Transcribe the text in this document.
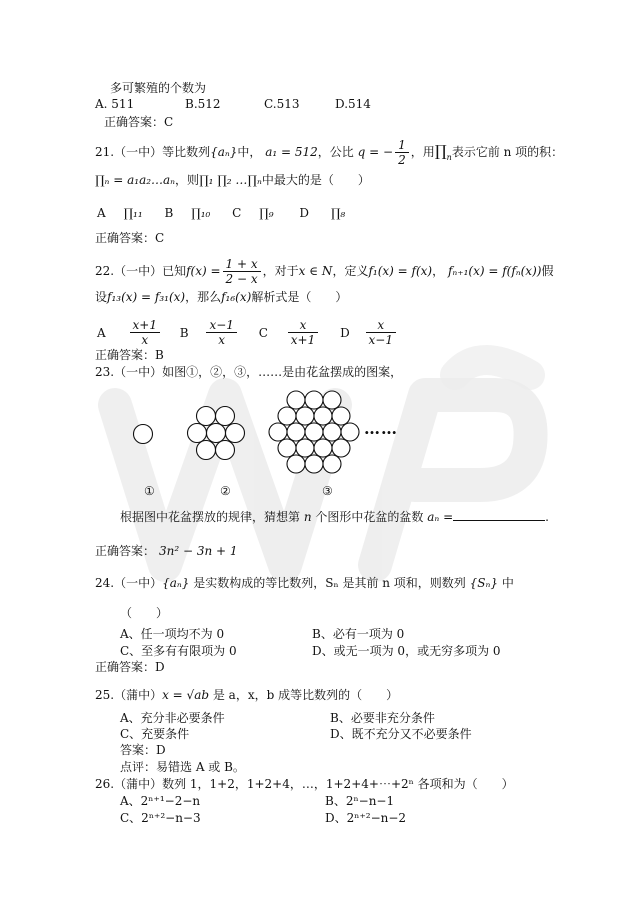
多可繁殖的个数为
A. 511	B.512	C.513	D.514
正确答案：C
21.（一中）等比数列{aₙ}中， a₁ = 512，公比 q = − $\frac{1}{2}$ ，用$\prod_n$表示它前 n 项的积：
∏ₙ = a₁a₂…aₙ，则∏₁ ∏₂ …∏ₙ中最大的是（　　）
A ∏₁₁ B ∏₁₀ C ∏₉ D ∏₈
正确答案：C
22.（一中）已知$f(x) = \frac{1 + x}{2 - x}$ ，对于x ∈ N，定义f₁(x) = f(x)， fₙ₊₁(x) = f(fₙ(x))假
设f₁₃(x) = f₃₁(x)，那么f₁₆(x)解析式是（　　）
A $\frac{x+1}{x}$ B $\frac{x-1}{x}$ C $\frac{x}{x+1}$ D $\frac{x}{x-1}$
正确答案：B
23.（一中）如图①，②，③，……是由花盆摆成的图案，
……
①	②	③
根据图中花盆摆放的规律，猜想第 n 个图形中花盆的盆数 aₙ =	.
正确答案： 3n² − 3n + 1
24.（一中）{aₙ} 是实数构成的等比数列，Sₙ 是其前 n 项和，则数列 {Sₙ} 中
（　　）
A、任一项均不为 0	B、必有一项为 0
C、至多有有限项为 0	D、或无一项为 0，或无穷多项为 0
正确答案：D
25.（蒲中）x = √ab 是 a，x，b 成等比数列的（　　）
A、充分非必要条件	B、必要非充分条件
C、充要条件	D、既不充分又不必要条件
答案：D
点评：易错选 A 或 B。
26.（蒲中）数列 1，1+2，1+2+4，…，1+2+4+⋯+2ⁿ 各项和为（　　）
A、2ⁿ⁺¹−2−n	B、2ⁿ−n−1
C、2ⁿ⁺²−n−3	D、2ⁿ⁺²−n−2
